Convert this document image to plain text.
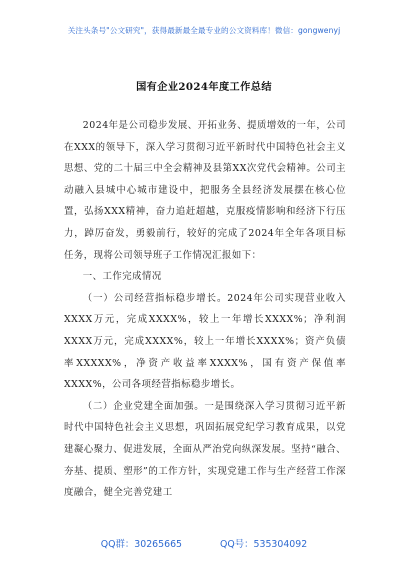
关注头条号"公文研究"，获得最新最全最专业的公文资料库！微信：gongwenyj
国有企业2024年度工作总结

2024年是公司稳步发展、开拓业务、提质增效的一年，公司在XXX的领导下，深入学习贯彻习近平新时代中国特色社会主义思想、党的二十届三中全会精神及县第XX次党代会精神。公司主动融入县城中心城市建设中，把服务全县经济发展摆在核心位置，弘扬XXX精神，奋力追赶超越，克服疫情影响和经济下行压力，踔厉奋发，勇毅前行，较好的完成了2024年全年各项目标任务，现将公司领导班子工作情况汇报如下：

一、工作完成情况

（一）公司经营指标稳步增长。2024年公司实现营业收入XXXX万元，完成XXXX%，较上一年增长XXXX%；净利润XXXX万元，完成XXXX%，较上一年增长XXXX%；资产负债率XXXXX%，净资产收益率XXXX%，国有资产保值率XXXX%，公司各项经营指标稳步增长。

（二）企业党建全面加强。一是围绕深入学习贯彻习近平新时代中国特色社会主义思想，巩固拓展党纪学习教育成果，以党建凝心聚力、促进发展，全面从严治党向纵深发展。坚持“融合、夯基、提质、塑形”的工作方针，实现党建工作与生产经营工作深度融合，健全完善党建工

QQ群：30265665	QQ号：535304092
